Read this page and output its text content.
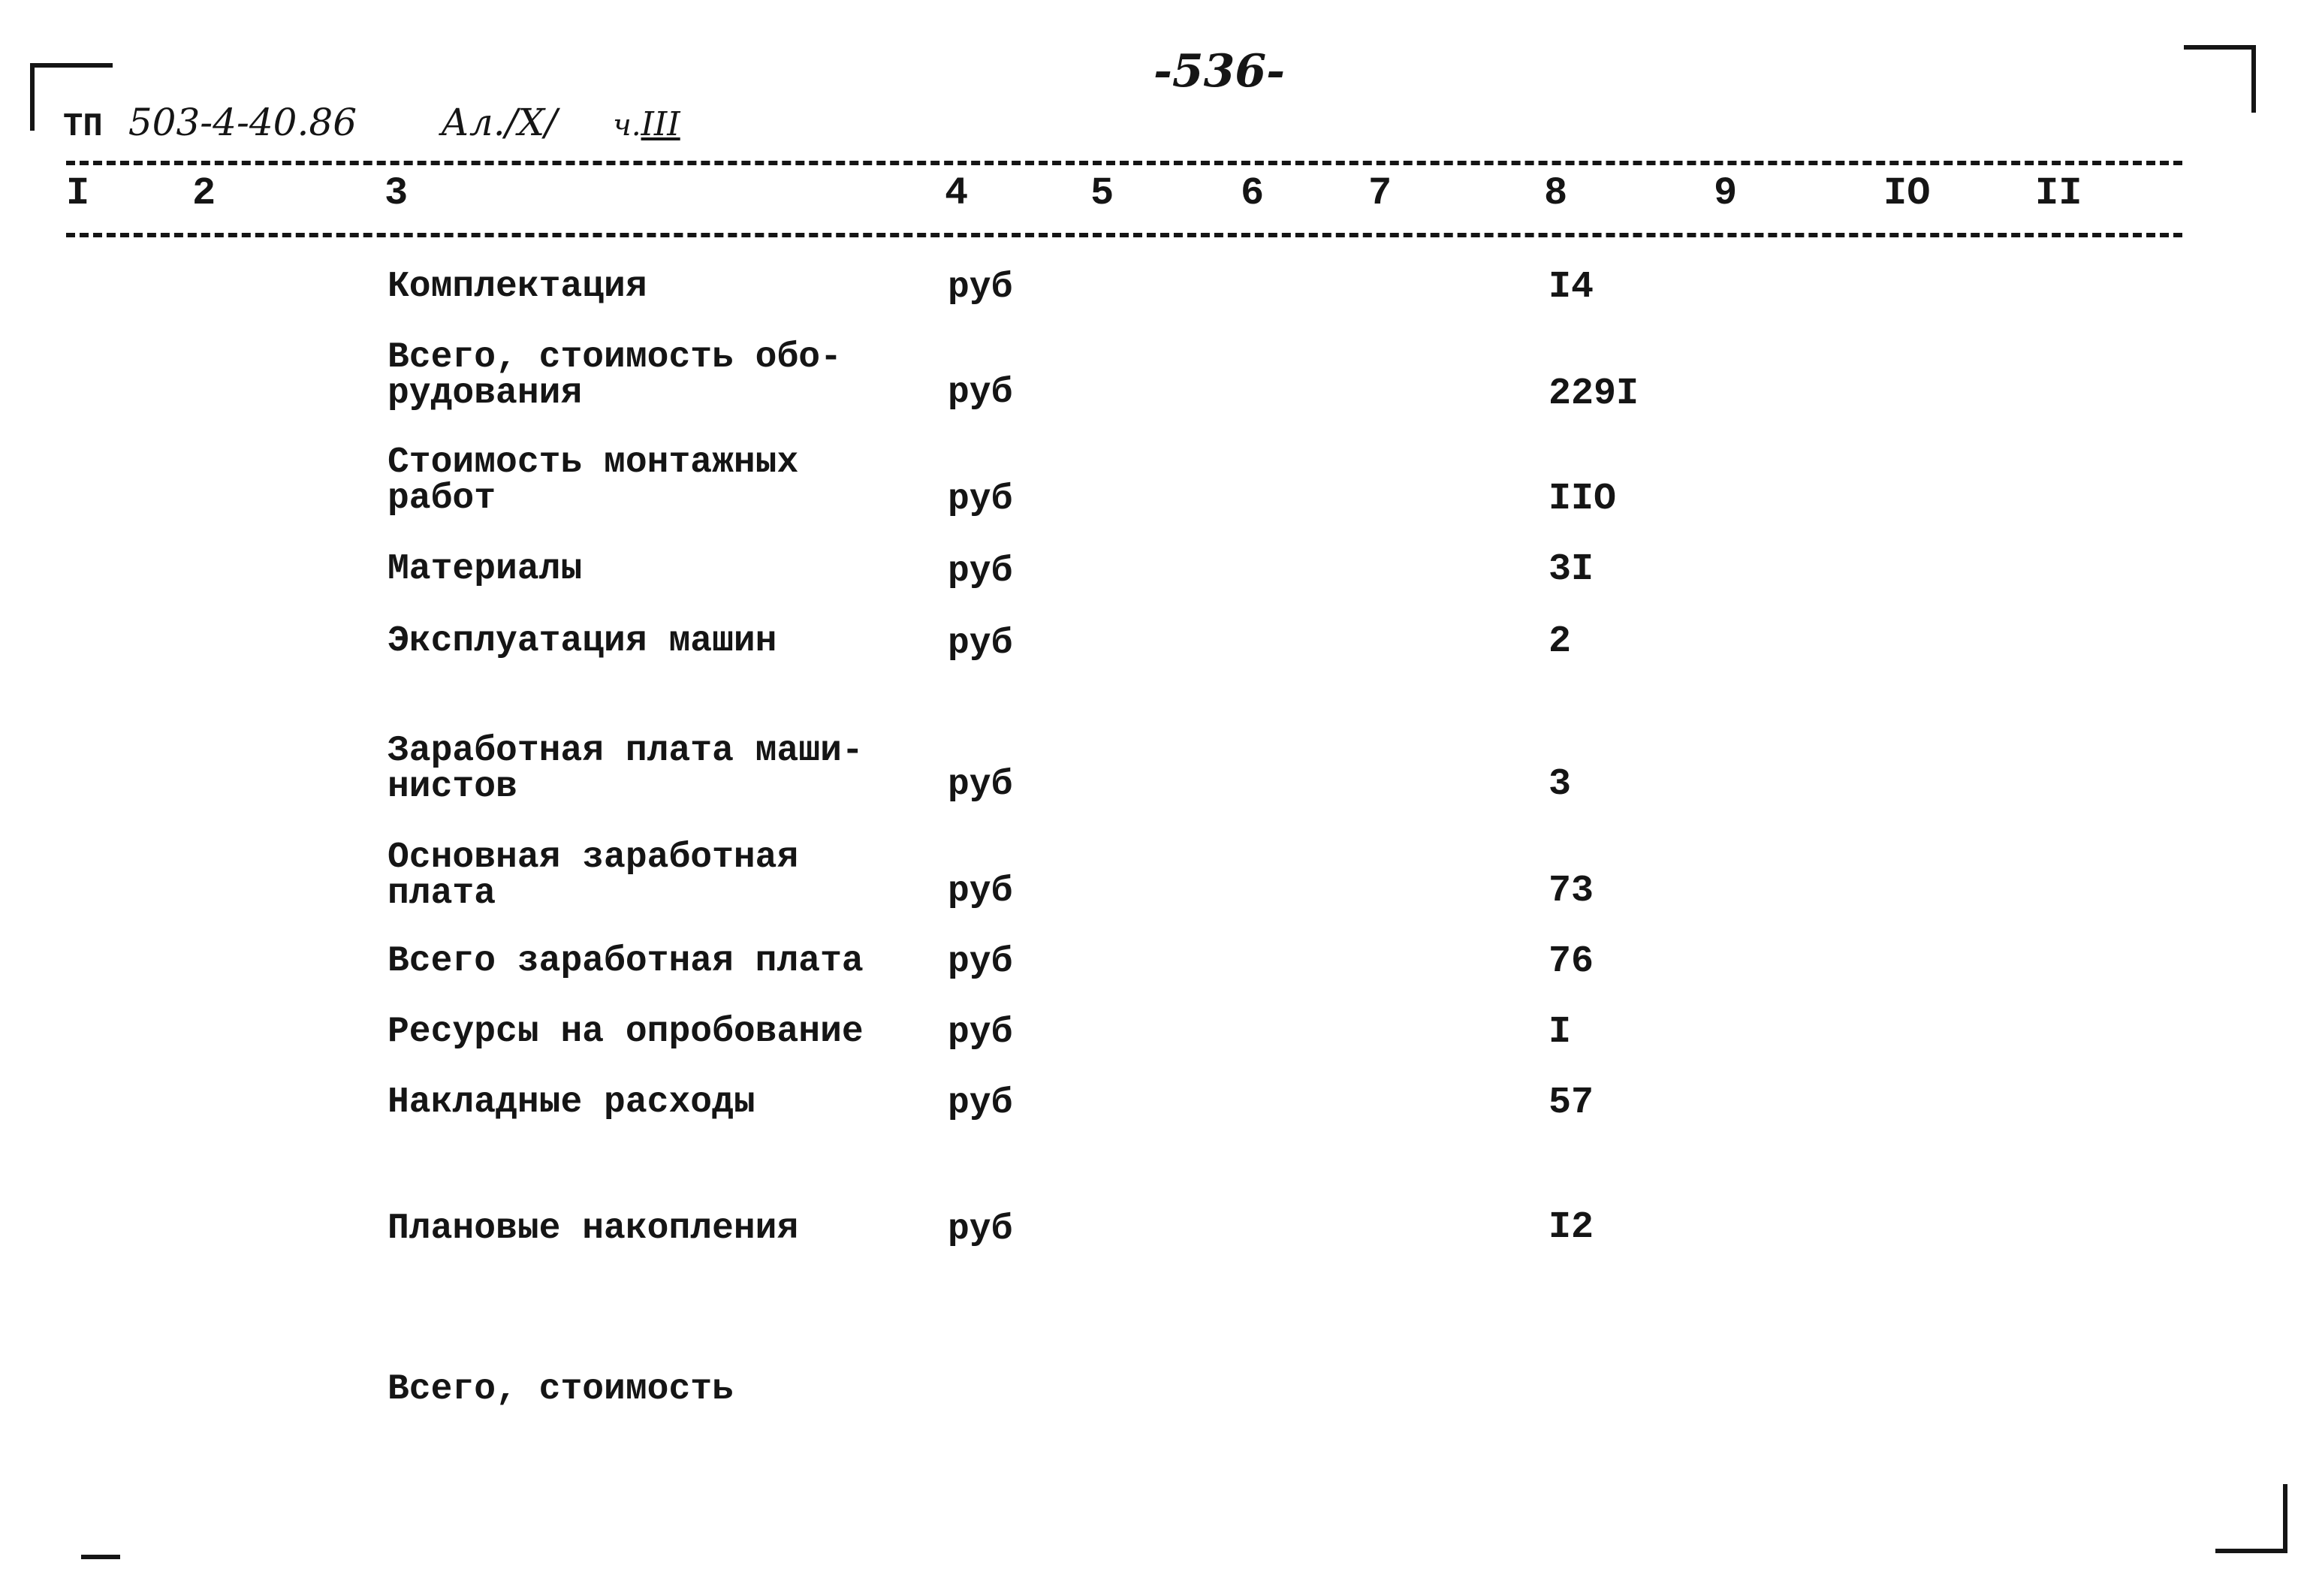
-536-
ТП 503-4-40.86 Ал./X/ ч.III
I	2	3	4	5	6	7	8	9	IO	II
Комплектация	руб	I4
Всего, стоимость обо-
рудования	руб	229I
Стоимость монтажных
работ	руб	IIO
Материалы	руб	3I
Эксплуатация машин	руб	2
Заработная плата маши-
нистов	руб	3
Основная заработная
плата	руб	73
Всего заработная плата руб	76
Ресурсы на опробование руб	I
Накладные расходы	руб	57
Плановые накопления	руб	I2
Всего, стоимость
